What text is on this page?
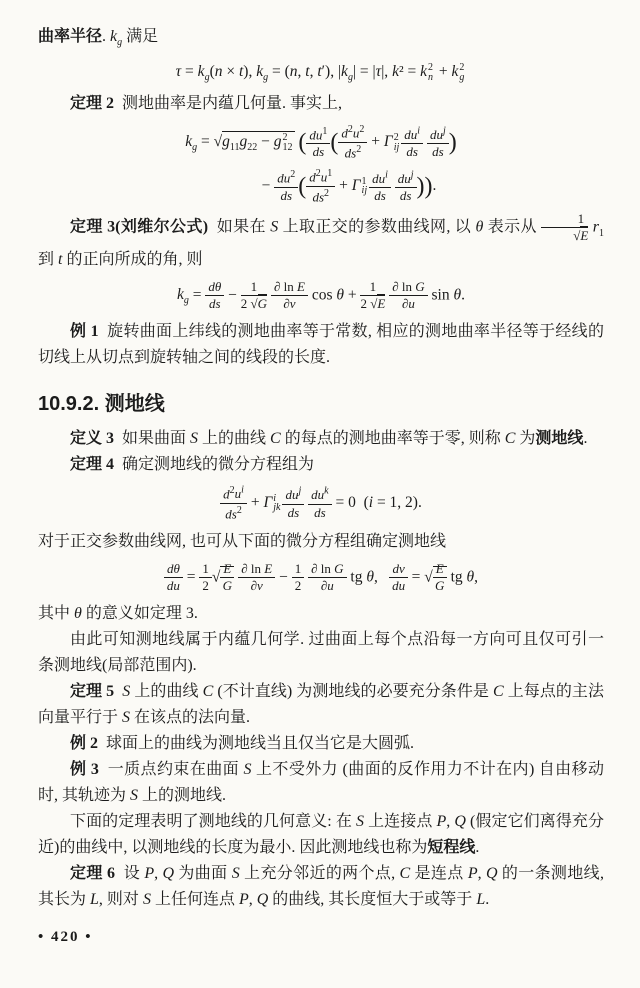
曲率半径. $k_g$ 满足

$\tau = k_g(n \times t)$, $k_g = (n$, t, t′), $|k_g| = |\tau|$, k² = k 2
n + k 2
g

定理 2  测地曲率是内蕴几何量. 事实上,

$k_g = √g_{11}g_{22} - g$ 2
12 ( $\frac{du^1}{ds}$ ( $\frac{d^2u^2}{ds^2} + \Gamma$ 2
ij $\frac{du^i}{ds}$
$\frac{du^j}{ds}$ )
− $\frac{du^2}{ds}$ ( $\frac{d^2u^1}{ds^2} + \Gamma$ 1
ij $\frac{du^i}{ds}$
$\frac{du^j}{ds}$ )).

定理 3(刘维尔公式)  如果在 S 上取正交的参数曲线网, 以 θ 表示从 $\frac{1}{√E} r_1$ 到 t 的正向所成的角, 则

$k_g = \frac{d\theta}{ds} - \frac{1}{2 √G}$
$\frac{\text{∂ ln E}}{\partial v}$ $\cos \theta + \frac{1}{2 √E}$
$\frac{\text{∂ ln G}}{\partial u}$ sin θ.

例 1  旋转曲面上纬线的测地曲率等于常数, 相应的测地曲率半径等于经线的切线上从切点到旋转轴之间的线段的长度.

10.9.2. 测地线

定义 3  如果曲面 S 上的曲线 C 的每点的测地曲率等于零, 则称 C 为测地线.

定理 4  确定测地线的微分方程组为

$\frac{d^2u^i}{ds^2} + \Gamma$ i
jk $\frac{du^j}{ds}$
$\frac{du^k}{ds} = 0$  (i = 1, 2).

对于正交参数曲线网, 也可从下面的微分方程组确定测地线

$\frac{d\theta}{du} = \frac{1}{2}$ √ $\frac{E}{G}$
$\frac{\text{∂ ln E}}{\partial v} - \frac{1}{2}$
$\frac{\text{∂ ln G}}{\partial u}$ tg θ, $\frac{dv}{du}$ = √ $\frac{E}{G}$ tg θ,

其中 θ 的意义如定理 3.

由此可知测地线属于内蕴几何学. 过曲面上每个点沿每一方向可且仅可引一条测地线(局部范围内).

定理 5 S 上的曲线 C (不计直线) 为测地线的必要充分条件是 C 上每点的主法向量平行于 S 在该点的法向量.

例 2  球面上的曲线为测地线当且仅当它是大圆弧.

例 3  一质点约束在曲面 S 上不受外力 (曲面的反作用力不计在内) 自由移动时, 其轨迹为 S 上的测地线.

下面的定理表明了测地线的几何意义: 在 S 上连接点 P, Q (假定它们离得充分近)的曲线中, 以测地线的长度为最小. 因此测地线也称为短程线.

定理 6  设 P, Q 为曲面 S 上充分邻近的两个点, C 是连点 P, Q 的一条测地线, 其长为 L, 则对 S 上任何连点 P, Q 的曲线, 其长度恒大于或等于 L.

• 420 •
